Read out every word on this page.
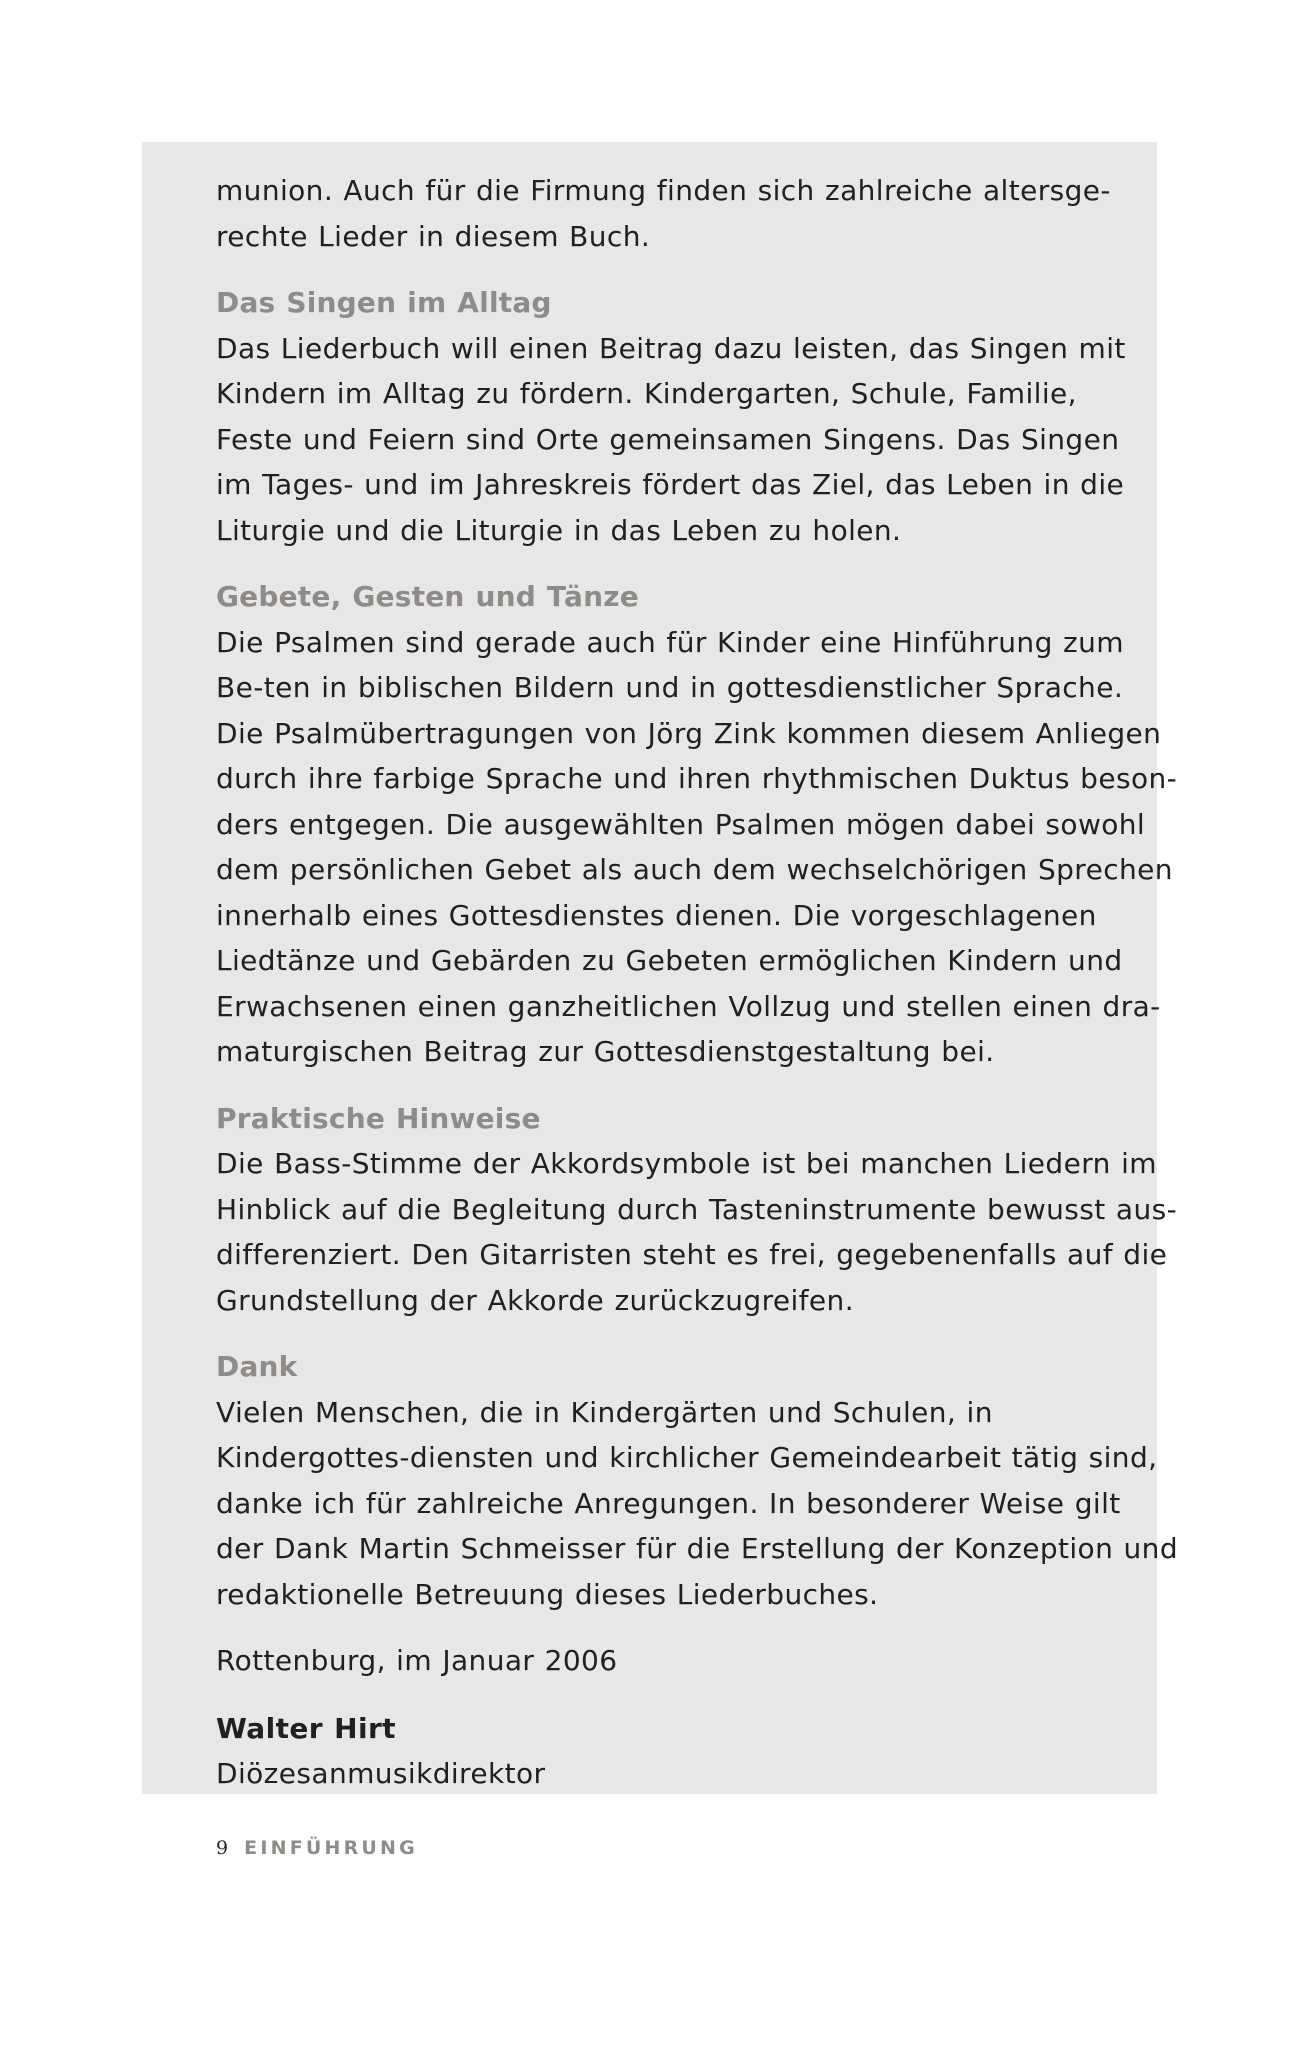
munion. Auch für die Firmung finden sich zahlreiche altersge-
rechte Lieder in diesem Buch.

Das Singen im Alltag

Das Liederbuch will einen Beitrag dazu leisten, das Singen mit
Kindern im Alltag zu fördern. Kindergarten, Schule, Familie,
Feste und Feiern sind Orte gemeinsamen Singens. Das Singen
im Tages- und im Jahreskreis fördert das Ziel, das Leben in die
Liturgie und die Liturgie in das Leben zu holen.

Gebete, Gesten und Tänze

Die Psalmen sind gerade auch für Kinder eine Hinführung zum
Be-ten in biblischen Bildern und in gottesdienstlicher Sprache.
Die Psalmübertragungen von Jörg Zink kommen diesem Anliegen
durch ihre farbige Sprache und ihren rhythmischen Duktus beson-
ders entgegen. Die ausgewählten Psalmen mögen dabei sowohl
dem persönlichen Gebet als auch dem wechselchörigen Sprechen
innerhalb eines Gottesdienstes dienen. Die vorgeschlagenen
Liedtänze und Gebärden zu Gebeten ermöglichen Kindern und
Erwachsenen einen ganzheitlichen Vollzug und stellen einen dra-
maturgischen Beitrag zur Gottesdienstgestaltung bei.

Praktische Hinweise

Die Bass-Stimme der Akkordsymbole ist bei manchen Liedern im
Hinblick auf die Begleitung durch Tasteninstrumente bewusst aus-
differenziert. Den Gitarristen steht es frei, gegebenenfalls auf die
Grundstellung der Akkorde zurückzugreifen.

Dank

Vielen Menschen, die in Kindergärten und Schulen, in
Kindergottes-diensten und kirchlicher Gemeindearbeit tätig sind,
danke ich für zahlreiche Anregungen. In besonderer Weise gilt
der Dank Martin Schmeisser für die Erstellung der Konzeption und
redaktionelle Betreuung dieses Liederbuches.

Rottenburg, im Januar 2006

Walter Hirt

Diözesanmusikdirektor

9 EINFÜHRUNG
